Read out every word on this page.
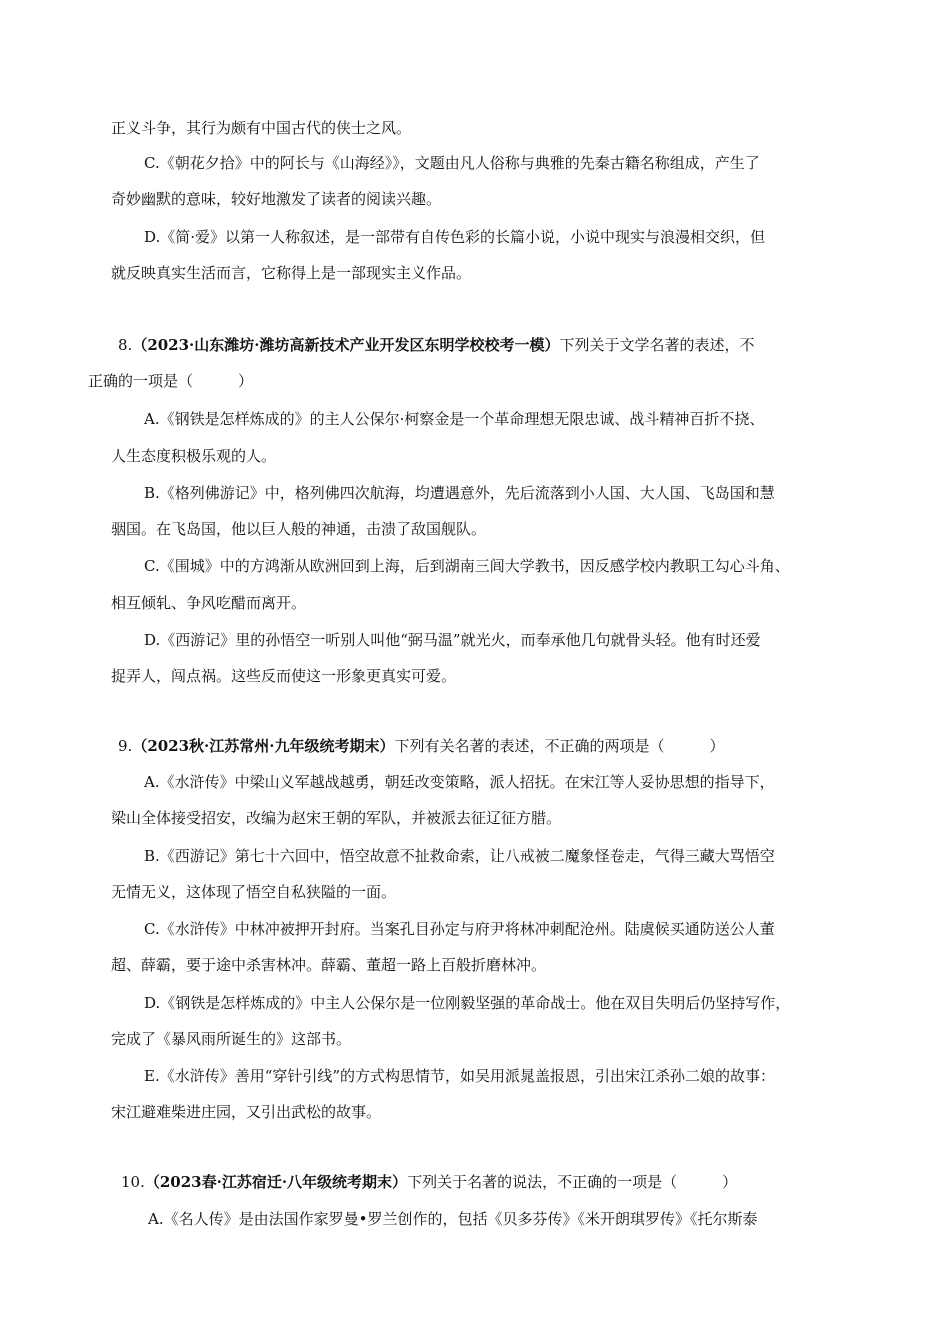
正义斗争，其行为颇有中国古代的侠士之风。
C.《朝花夕拾》中的阿长与《山海经》》，文题由凡人俗称与典雅的先秦古籍名称组成，产生了
奇妙幽默的意味，较好地激发了读者的阅读兴趣。
D.《简·爱》以第一人称叙述，是一部带有自传色彩的长篇小说，小说中现实与浪漫相交织，但
就反映真实生活而言，它称得上是一部现实主义作品。
8.（2023·山东潍坊·潍坊高新技术产业开发区东明学校校考一模）下列关于文学名著的表述，不
正确的一项是（　　　）
A.《钢铁是怎样炼成的》的主人公保尔·柯察金是一个革命理想无限忠诚、战斗精神百折不挠、
人生态度积极乐观的人。
B.《格列佛游记》中，格列佛四次航海，均遭遇意外，先后流落到小人国、大人国、飞岛国和慧
骃国。在飞岛国，他以巨人般的神通，击溃了敌国舰队。
C.《围城》中的方鸿渐从欧洲回到上海，后到湖南三闾大学教书，因反感学校内教职工勾心斗角、
相互倾轧、争风吃醋而离开。
D.《西游记》里的孙悟空一听别人叫他“弼马温”就光火，而奉承他几句就骨头轻。他有时还爱
捉弄人，闯点祸。这些反而使这一形象更真实可爱。
9.（2023秋·江苏常州·九年级统考期末）下列有关名著的表述，不正确的两项是（　　　）
A.《水浒传》中梁山义军越战越勇，朝廷改变策略，派人招抚。在宋江等人妥协思想的指导下，
梁山全体接受招安，改编为赵宋王朝的军队，并被派去征辽征方腊。
B.《西游记》第七十六回中，悟空故意不扯救命索，让八戒被二魔象怪卷走，气得三藏大骂悟空
无情无义，这体现了悟空自私狭隘的一面。
C.《水浒传》中林冲被押开封府。当案孔目孙定与府尹将林冲刺配沧州。陆虞候买通防送公人董
超、薛霸，要于途中杀害林冲。薛霸、董超一路上百般折磨林冲。
D.《钢铁是怎样炼成的》中主人公保尔是一位刚毅坚强的革命战士。他在双目失明后仍坚持写作，
完成了《暴风雨所诞生的》这部书。
E.《水浒传》善用“穿针引线”的方式构思情节，如吴用派晁盖报恩，引出宋江杀孙二娘的故事：
宋江避难柴进庄园，又引出武松的故事。
10.（2023春·江苏宿迁·八年级统考期末）下列关于名著的说法，不正确的一项是（　　　）
A.《名人传》是由法国作家罗曼•罗兰创作的，包括《贝多芬传》《米开朗琪罗传》《托尔斯泰
